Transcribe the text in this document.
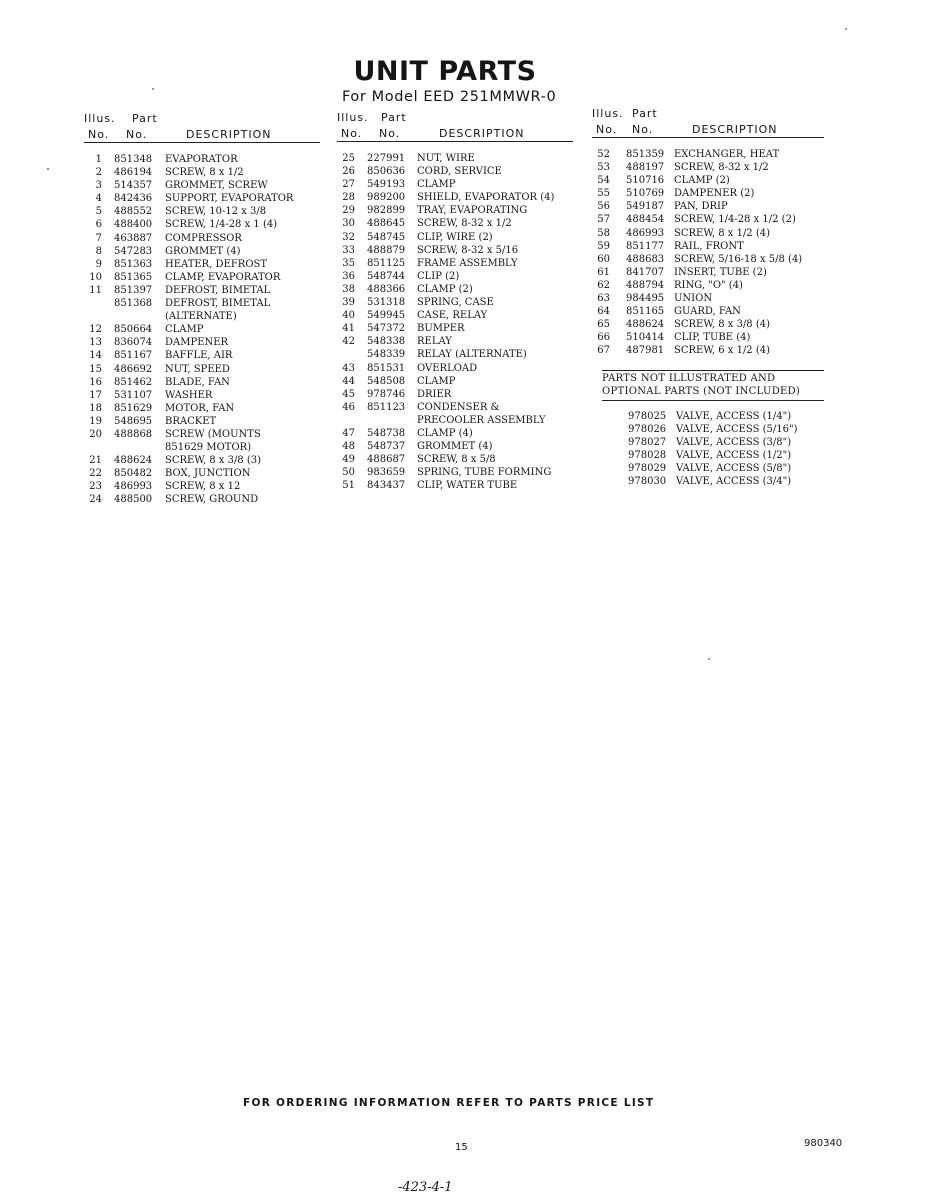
UNIT PARTS
For Model EED 251MMWR-0
Illus. Part
No. No.	DESCRIPTION
1 851348 EVAPORATOR
2 486194 SCREW, 8 x 1/2
3 514357 GROMMET, SCREW
4 842436 SUPPORT, EVAPORATOR
5 488552 SCREW, 10-12 x 3/8
6 488400 SCREW, 1/4-28 x 1 (4)
7 463887 COMPRESSOR
8 547283 GROMMET (4)
9 851363 HEATER, DEFROST
10 851365 CLAMP, EVAPORATOR
11 851397 DEFROST, BIMETAL
851368 DEFROST, BIMETAL
(ALTERNATE)
12 850664 CLAMP
13 836074 DAMPENER
14 851167 BAFFLE, AIR
15 486692 NUT, SPEED
16 851462 BLADE, FAN
17 531107 WASHER
18 851629 MOTOR, FAN
19 548695 BRACKET
20 488868 SCREW (MOUNTS
851629 MOTOR)
21 488624 SCREW, 8 x 3/8 (3)
22 850482 BOX, JUNCTION
23 486993 SCREW, 8 x 12
24 488500 SCREW, GROUND
Illus. Part
No. No.	DESCRIPTION
25 227991 NUT, WIRE
26 850636 CORD, SERVICE
27 549193 CLAMP
28 989200 SHIELD, EVAPORATOR (4)
29 982899 TRAY, EVAPORATING
30 488645 SCREW, 8-32 x 1/2
32 548745 CLIP, WIRE (2)
33 488879 SCREW, 8-32 x 5/16
35 851125 FRAME ASSEMBLY
36 548744 CLIP (2)
38 488366 CLAMP (2)
39 531318 SPRING, CASE
40 549945 CASE, RELAY
41 547372 BUMPER
42 548338 RELAY
548339 RELAY (ALTERNATE)
43 851531 OVERLOAD
44 548508 CLAMP
45 978746 DRIER
46 851123 CONDENSER &
PRECOOLER ASSEMBLY
47 548738 CLAMP (4)
48 548737 GROMMET (4)
49 488687 SCREW, 8 x 5/8
50 983659 SPRING, TUBE FORMING
51 843437 CLIP, WATER TUBE
Illus. Part
No. No.	DESCRIPTION
52 851359 EXCHANGER, HEAT
53 488197 SCREW, 8-32 x 1/2
54 510716 CLAMP (2)
55 510769 DAMPENER (2)
56 549187 PAN, DRIP
57 488454 SCREW, 1/4-28 x 1/2 (2)
58 486993 SCREW, 8 x 1/2 (4)
59 851177 RAIL, FRONT
60 488683 SCREW, 5/16-18 x 5/8 (4)
61 841707 INSERT, TUBE (2)
62 488794 RING, "O" (4)
63 984495 UNION
64 851165 GUARD, FAN
65 488624 SCREW, 8 x 3/8 (4)
66 510414 CLIP, TUBE (4)
67 487981 SCREW, 6 x 1/2 (4)
PARTS NOT ILLUSTRATED AND
OPTIONAL PARTS (NOT INCLUDED)
978025 VALVE, ACCESS (1/4")
978026 VALVE, ACCESS (5/16")
978027 VALVE, ACCESS (3/8")
978028 VALVE, ACCESS (1/2")
978029 VALVE, ACCESS (5/8")
978030 VALVE, ACCESS (3/4")
FOR ORDERING INFORMATION REFER TO PARTS PRICE LIST
15	980340
-423-4-1
